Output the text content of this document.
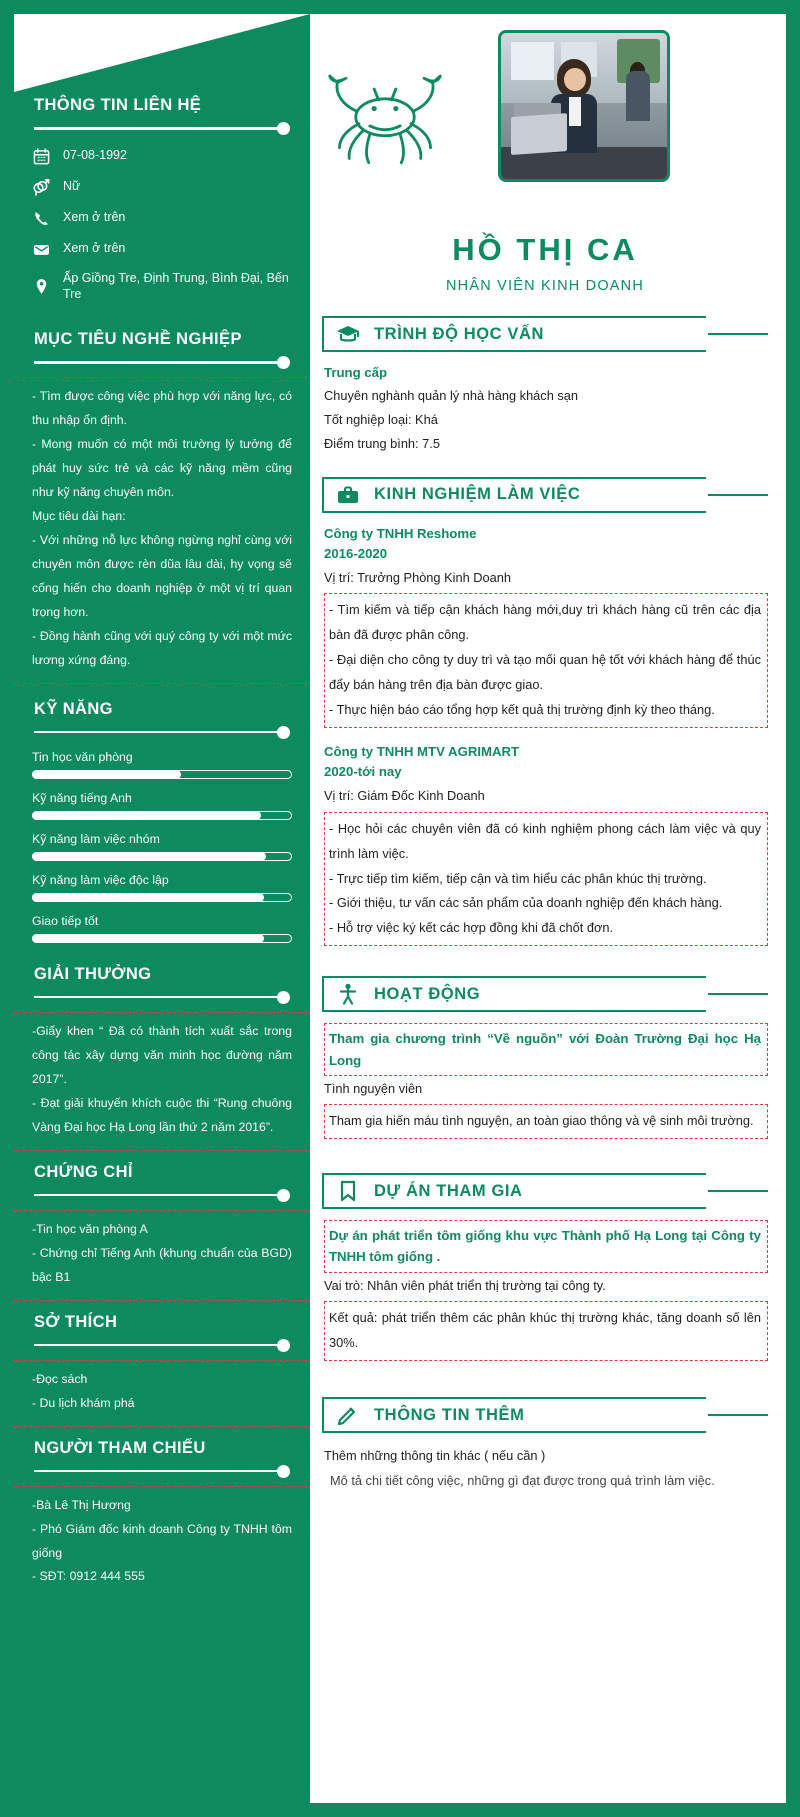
HỒ THỊ CA
NHÂN VIÊN KINH DOANH
TRÌNH ĐỘ HỌC VẤN
Trung cấp
Chuyên nghành quản lý nhà hàng khách sạn
Tốt nghiệp loại: Khá
Điểm trung bình: 7.5
KINH NGHIỆM LÀM VIỆC
Công ty TNHH Reshome
2016-2020
Vị trí: Trưởng Phòng Kinh Doanh

- Tìm kiếm và tiếp cận khách hàng mới,duy trì khách hàng cũ trên các địa bàn đã được phân công.

- Đại diện cho công ty duy trì và tạo mối quan hệ tốt với khách hàng để thúc đẩy bán hàng trên địa bàn được giao.

- Thực hiện báo cáo tổng hợp kết quả thị trường định kỳ theo tháng.

Công ty TNHH MTV AGRIMART
2020-tới nay
Vị trí: Giám Đốc Kinh Doanh

- Học hỏi các chuyên viên đã có kinh nghiệm phong cách làm việc và quy trình làm việc.

- Trực tiếp tìm kiếm, tiếp cận và tìm hiểu các phân khúc thị trường.

- Giới thiệu, tư vấn các sản phẩm của doanh nghiệp đến khách hàng.

- Hỗ trợ việc ký kết các hợp đồng khi đã chốt đơn.

HOẠT ĐỘNG

Tham gia chương trình “Về nguồn” với Đoàn Trường Đại học Hạ Long

Tình nguyện viên

Tham gia hiến máu tình nguyện, an toàn giao thông và vệ sinh môi trường.

DỰ ÁN THAM GIA

Dự án phát triển tôm giống khu vực Thành phố Hạ Long tại Công ty TNHH tôm giống .

Vai trò: Nhân viên phát triển thị trường tại công ty.

Kết quả: phát triển thêm các phân khúc thị trường khác, tăng doanh số lên 30%.

THÔNG TIN THÊM
Thêm những thông tin khác ( nếu cần )
Mô tả chi tiết công việc, những gì đạt được trong quá trình làm việc.
THÔNG TIN LIÊN HỆ
07-08-1992
Nữ
Xem ở trên
Xem ở trên
Ấp Giồng Tre, Định Trung, Bình Đại, Bến Tre
MỤC TIÊU NGHỀ NGHIỆP

- Tìm được công việc phù hợp với năng lực, có thu nhập ổn định.

- Mong muốn có một môi trường lý tưởng để phát huy sức trẻ và các kỹ năng mềm cũng như kỹ năng chuyên môn.

Mục tiêu dài hạn:

- Với những nỗ lực không ngừng nghỉ cùng với chuyên môn được rèn dũa lâu dài, hy vọng sẽ cống hiến cho doanh nghiệp ở một vị trí quan trọng hơn.

- Đồng hành cũng với quý công ty với một mức lương xứng đáng.

KỸ NĂNG
Tin học văn phòng
Kỹ năng tiếng Anh
Kỹ năng làm việc nhóm
Kỹ năng làm việc độc lập
Giao tiếp tốt
GIẢI THƯỞNG

-Giấy khen “ Đã có thành tích xuất sắc trong công tác xây dựng văn minh học đường năm 2017”.

- Đạt giải khuyến khích cuộc thi “Rung chuông Vàng Đại học Hạ Long lần thứ 2 năm 2016”.

CHỨNG CHỈ

-Tin học văn phòng A

- Chứng chỉ Tiếng Anh (khung chuẩn của BGD) bậc B1

SỞ THÍCH

-Đọc sách

- Du lịch khám phá

NGƯỜI THAM CHIẾU

-Bà Lê Thị Hương

- Phó Giám đốc kinh doanh Công ty TNHH tôm giống

- SĐT: 0912 444 555
